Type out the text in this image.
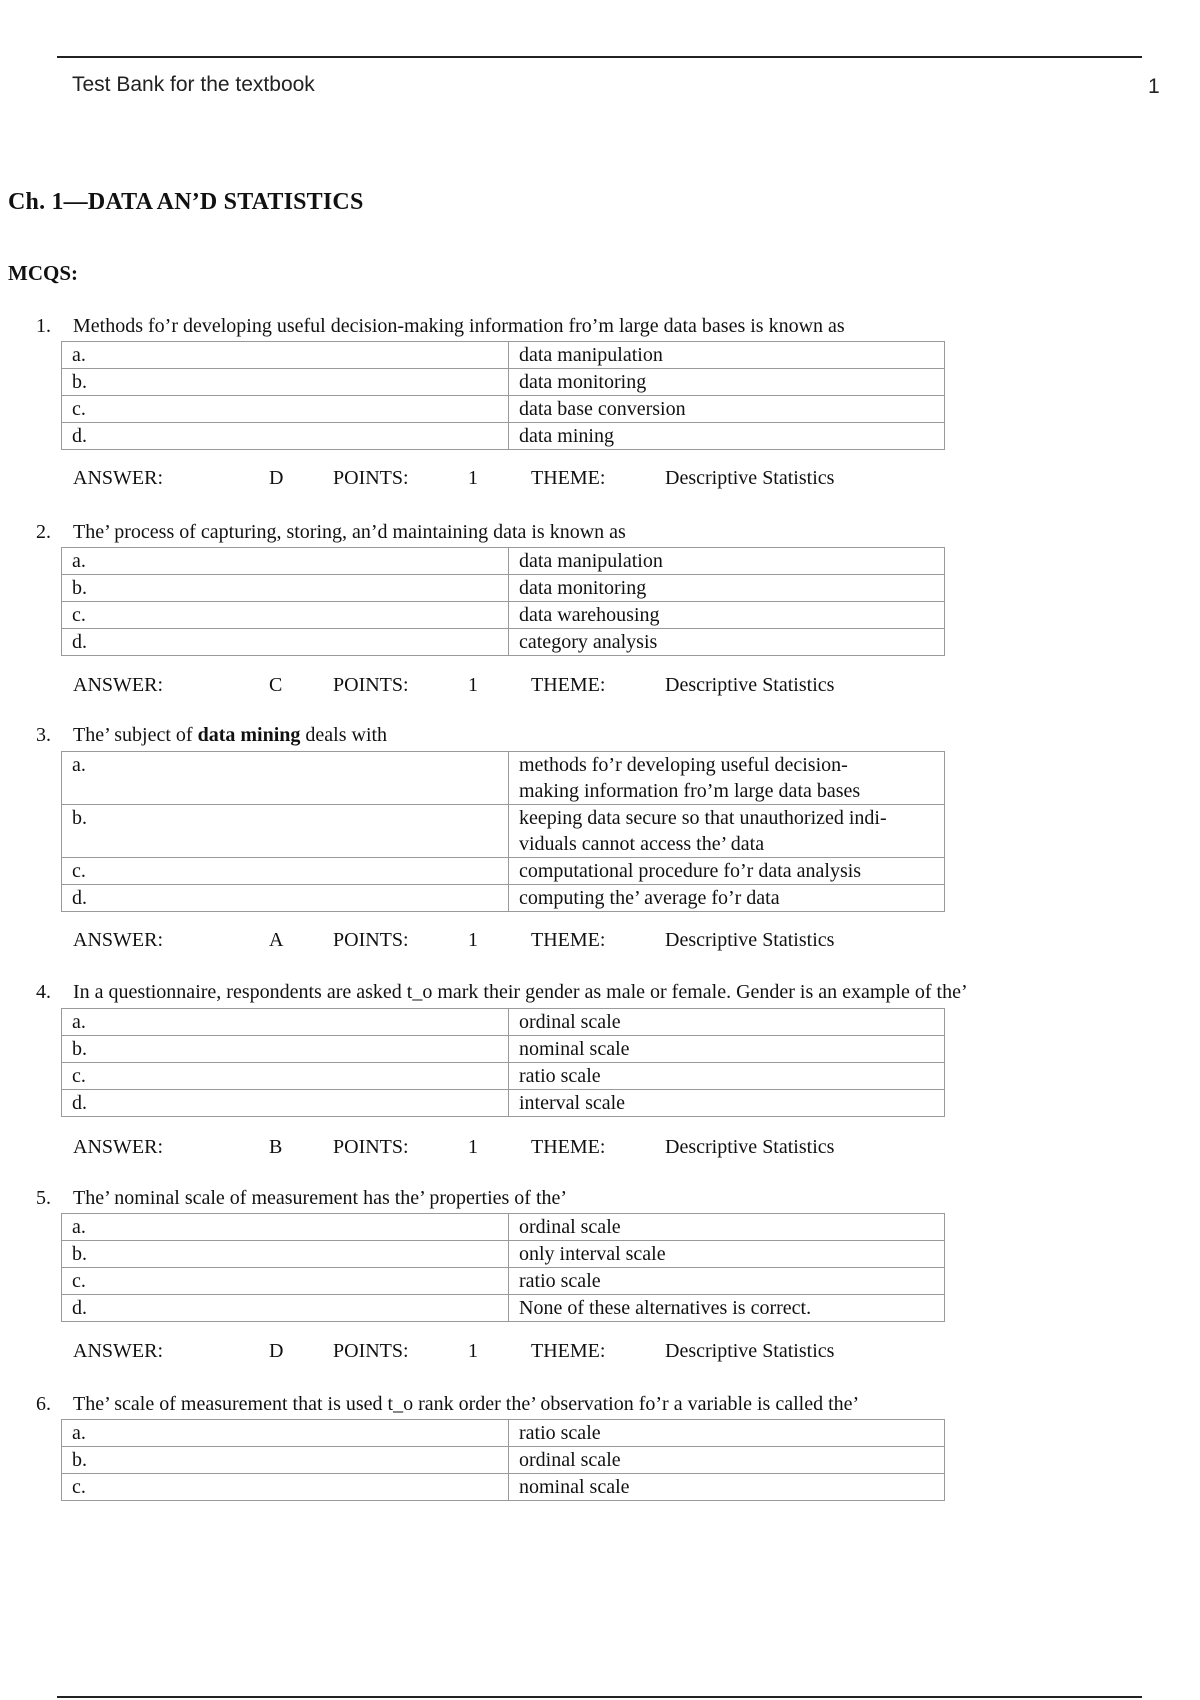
Test Bank for the textbook	1
Ch. 1—DATA AN’D STATISTICS
MCQS:
1. Methods fo’r developing useful decision-making information fro’m large data bases is known as
a.	data manipulation
b.	data monitoring
c.	data base conversion
d.	data mining
ANSWER:	D POINTS:	1	THEME:	Descriptive Statistics
2. The’ process of capturing, storing, an’d maintaining data is known as
a.	data manipulation
b.	data monitoring
c.	data warehousing
d.	category analysis
ANSWER:	C	POINTS:	1	THEME:	Descriptive Statistics
3. The’ subject of data mining deals with
a.	methods fo’r developing useful decision-
making information fro’m large data bases

b.	keeping data secure so that unauthorized indi-
viduals cannot access the’ data

c.	computational procedure fo’r data analysis
d.	computing the’ average fo’r data
ANSWER:	A POINTS:	1	THEME:	Descriptive Statistics
4. In a questionnaire, respondents are asked t_o mark their gender as male or female. Gender is an example of the’
a.	ordinal scale
b.	nominal scale
c.	ratio scale
d.	interval scale
ANSWER:	B	POINTS:	1	THEME:	Descriptive Statistics
5. The’ nominal scale of measurement has the’ properties of the’
a.	ordinal scale
b.	only interval scale
c.	ratio scale
d.	None of these alternatives is correct.
ANSWER:	D POINTS:	1	THEME:	Descriptive Statistics
6. The’ scale of measurement that is used t_o rank order the’ observation fo’r a variable is called the’
a.	ratio scale
b.	ordinal scale
c.	nominal scale
